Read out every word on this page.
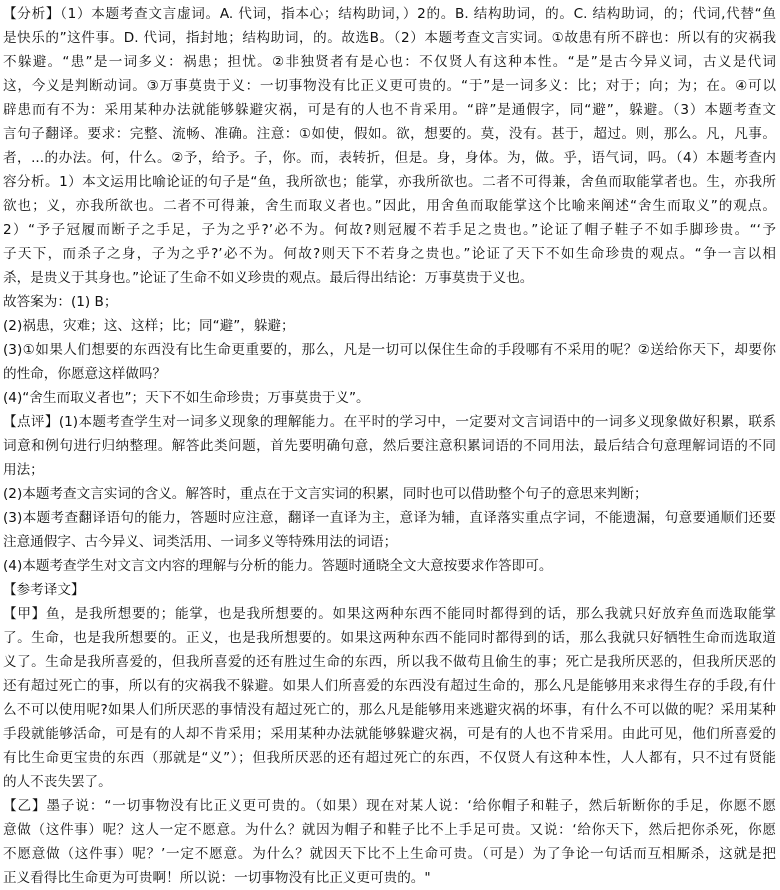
【分析】（1）本题考查文言虚词。A. 代词，指本心；结构助词，）2的。B. 结构助词，的。C. 结构助词，的；代词,代替“鱼
是快乐的”这件事。D. 代词，指封地；结构助词，的。故选B。（2）本题考查文言实词。①故患有所不辟也：所以有的灾祸我
不躲避。“患”是一词多义：祸患；担忧。②非独贤者有是心也：不仅贤人有这种本性。“是”是古今异义词，古义是代词
这，今义是判断动词。③万事莫贵于义：一切事物没有比正义更可贵的。“于”是一词多义：比；对于；向；为；在。④可以
辟患而有不为：采用某种办法就能够躲避灾祸，可是有的人也不肯采用。“辟”是通假字，同“避”，躲避。（3）本题考查文
言句子翻译。要求：完整、流畅、准确。注意：①如使，假如。欲，想要的。莫，没有。甚于，超过。则，那么。凡，凡事。
者，...的办法。何，什么。②予，给予。子，你。而，表转折，但是。身，身体。为，做。乎，语气词，吗。（4）本题考查内
容分析。1）本文运用比喻论证的句子是“鱼，我所欲也；能掌，亦我所欲也。二者不可得兼，舍鱼而取能掌者也。生，亦我所
欲也；义，亦我所欲也。二者不可得兼，舍生而取义者也。”因此，用舍鱼而取能掌这个比喻来阐述“舍生而取义”的观点。
2）“予子冠履而断子之手足，子为之乎?’必不为。何故?则冠履不若手足之贵也。”论证了帽子鞋子不如手脚珍贵。“‘予
子天下，而杀子之身，子为之乎?’必不为。何故?则天下不若身之贵也。”论证了天下不如生命珍贵的观点。“争一言以相
杀，是贵义于其身也。”论证了生命不如义珍贵的观点。最后得出结论：万事莫贵于义也。
故答案为：(1) B；
(2)祸患，灾难；这、这样；比；同“避”，躲避；
(3)①如果人们想要的东西没有比生命更重要的，那么，凡是一切可以保住生命的手段哪有不采用的呢？②送给你天下，却要你
的性命，你愿意这样做吗？
(4)“舍生而取义者也”；天下不如生命珍贵；万事莫贵于义”。
【点评】(1)本题考查学生对一词多义现象的理解能力。在平时的学习中，一定要对文言词语中的一词多义现象做好积累，联系
词意和例句进行归纳整理。解答此类问题，首先要明确句意，然后要注意积累词语的不同用法，最后结合句意理解词语的不同
用法；
(2)本题考查文言实词的含义。解答时，重点在于文言实词的积累，同时也可以借助整个句子的意思来判断；
(3)本题考查翻译语句的能力，答题时应注意，翻译一直译为主，意译为辅，直译落实重点字词，不能遗漏，句意要通顺们还要
注意通假字、古今异义、词类活用、一词多义等特殊用法的词语；
(4)本题考查学生对文言文内容的理解与分析的能力。答题时通晓全文大意按要求作答即可。
【参考译文】
【甲】鱼，是我所想要的；能掌，也是我所想要的。如果这两种东西不能同时都得到的话，那么我就只好放弃鱼而选取能掌
了。生命，也是我所想要的。正义，也是我所想要的。如果这两种东西不能同时都得到的话，那么我就只好牺牲生命而选取道
义了。生命是我所喜爱的，但我所喜爱的还有胜过生命的东西，所以我不做苟且偷生的事；死亡是我所厌恶的，但我所厌恶的
还有超过死亡的事，所以有的灾祸我不躲避。如果人们所喜爱的东西没有超过生命的，那么凡是能够用来求得生存的手段,有什
么不可以使用呢?如果人们所厌恶的事情没有超过死亡的，那么凡是能够用来逃避灾祸的坏事，有什么不可以做的呢？采用某种
手段就能够活命，可是有的人却不肯采用；采用某种办法就能够躲避灾祸，可是有的人也不肯采用。由此可见，他们所喜爱的
有比生命更宝贵的东西（那就是“义”）；但我所厌恶的还有超过死亡的东西，不仅贤人有这种本性，人人都有，只不过有贤能
的人不丧失罢了。
【乙】墨子说：“一切事物没有比正义更可贵的。（如果）现在对某人说：‘给你帽子和鞋子，然后斩断你的手足，你愿不愿
意做（这件事）呢？这人一定不愿意。为什么？就因为帽子和鞋子比不上手足可贵。又说：‘给你天下，然后把你杀死，你愿
不愿意做（这件事）呢？’一定不愿意。为什么？就因天下比不上生命可贵。（可是）为了争论一句话而互相厮杀，这就是把
正义看得比生命更为可贵啊！所以说：一切事物没有比正义更可贵的。"
